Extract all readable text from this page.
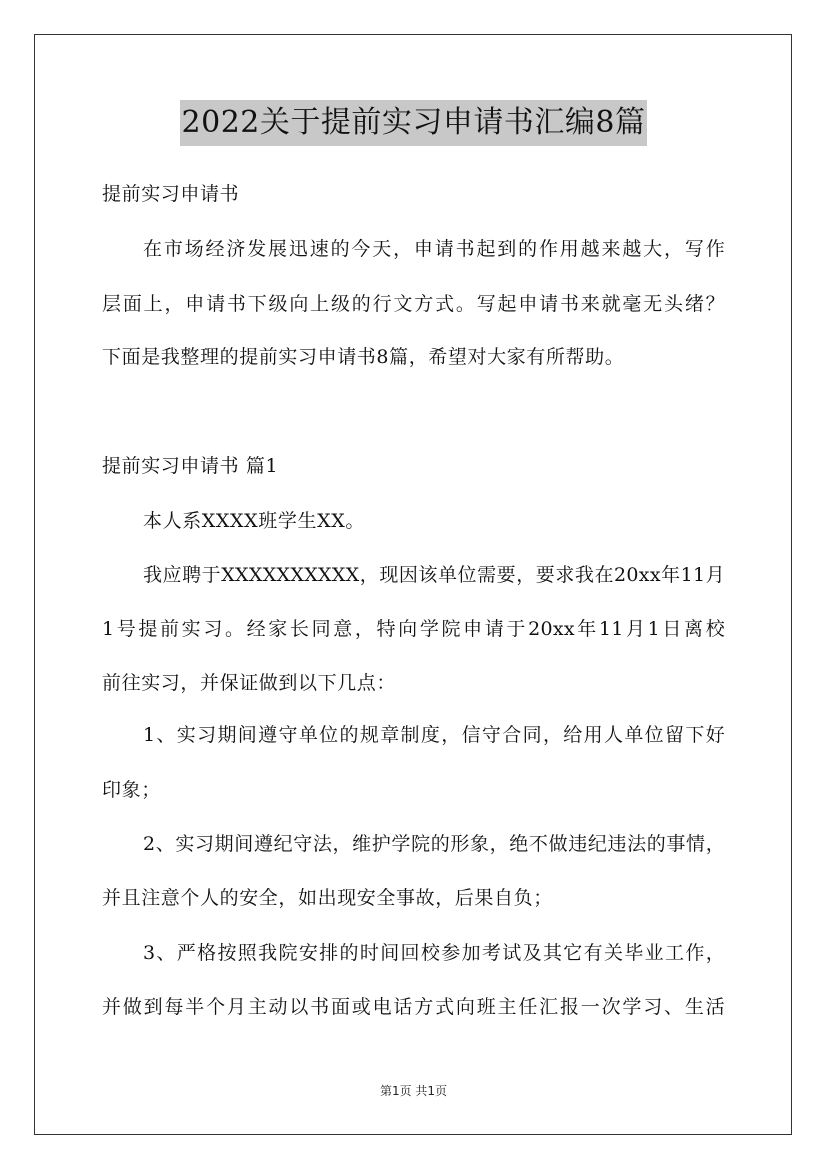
2022关于提前实习申请书汇编8篇
提前实习申请书
在市场经济发展迅速的今天，申请书起到的作用越来越大，写作
层面上，申请书下级向上级的行文方式。写起申请书来就毫无头绪？
下面是我整理的提前实习申请书8篇，希望对大家有所帮助。
提前实习申请书 篇1
本人系XXXX班学生XX。
我应聘于XXXXXXXXXX，现因该单位需要，要求我在20xx年11月
1号提前实习。经家长同意，特向学院申请于20xx年11月1日离校
前往实习，并保证做到以下几点：
1、实习期间遵守单位的规章制度，信守合同，给用人单位留下好
印象；
2、实习期间遵纪守法，维护学院的形象，绝不做违纪违法的事情，
并且注意个人的安全，如出现安全事故，后果自负；
3、严格按照我院安排的时间回校参加考试及其它有关毕业工作，
并做到每半个月主动以书面或电话方式向班主任汇报一次学习、生活
第1页 共1页
